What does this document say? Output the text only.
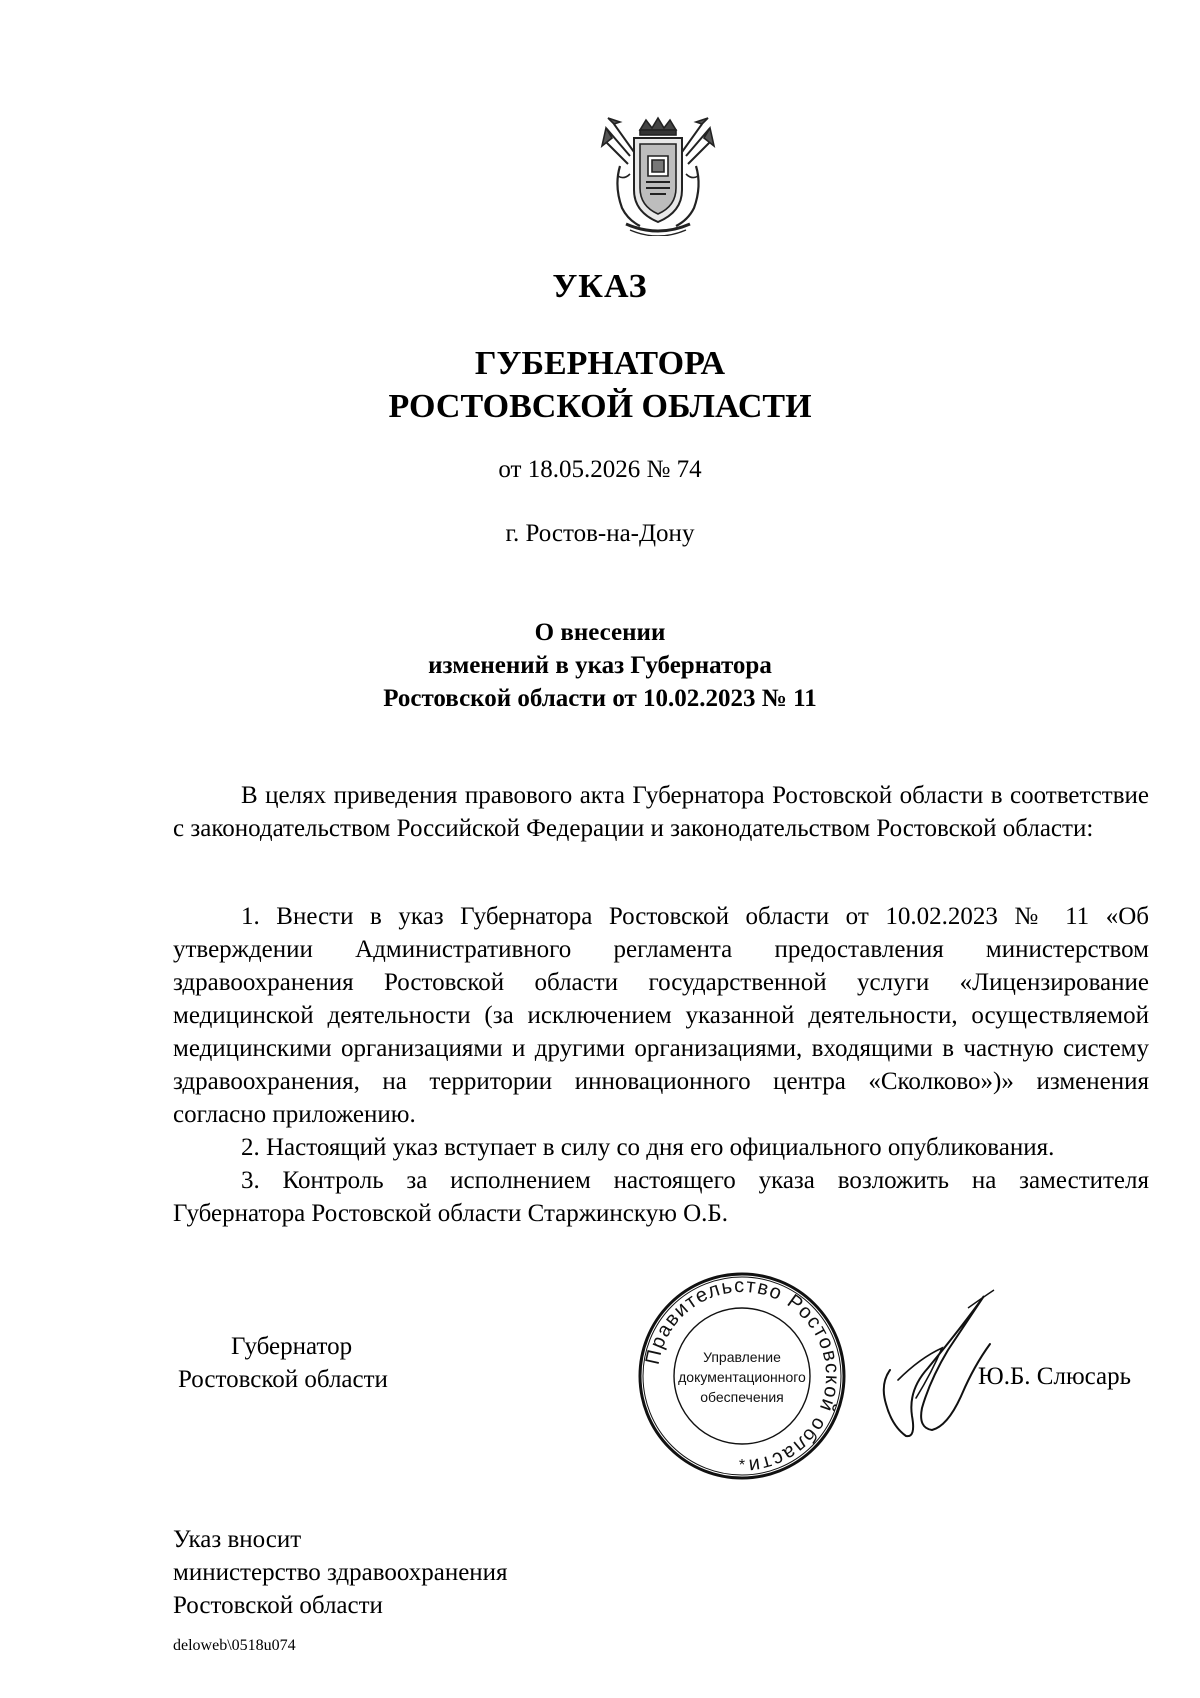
УКАЗ
ГУБЕРНАТОРА
РОСТОВСКОЙ ОБЛАСТИ
от 18.05.2026 № 74
г. Ростов-на-Дону
О внесении
изменений в указ Губернатора
Ростовской области от 10.02.2023 № 11

В целях приведения правового акта Губернатора Ростовской области в соответствие с законодательством Российской Федерации и законодательством Ростовской области:

1. Внести в указ Губернатора Ростовской области от 10.02.2023 № 11 «Об утверждении Административного регламента предоставления министерством здравоохранения Ростовской области государственной услуги «Лицензирование медицинской деятельности (за исключением указанной деятельности, осуществляемой медицинскими организациями и другими организациями, входящими в частную систему здравоохранения, на территории инновационного центра «Сколково»)» изменения согласно приложению.

2. Настоящий указ вступает в силу со дня его официального опубликования.

3. Контроль за исполнением настоящего указа возложить на заместителя Губернатора Ростовской области Старжинскую О.Б.

Губернатор
Ростовской области
Правительство Ростовской области
Управление
документационного
обеспечения
*
Ю.Б. Слюсарь
Указ вносит
министерство здравоохранения
Ростовской области
deloweb\0518u074
